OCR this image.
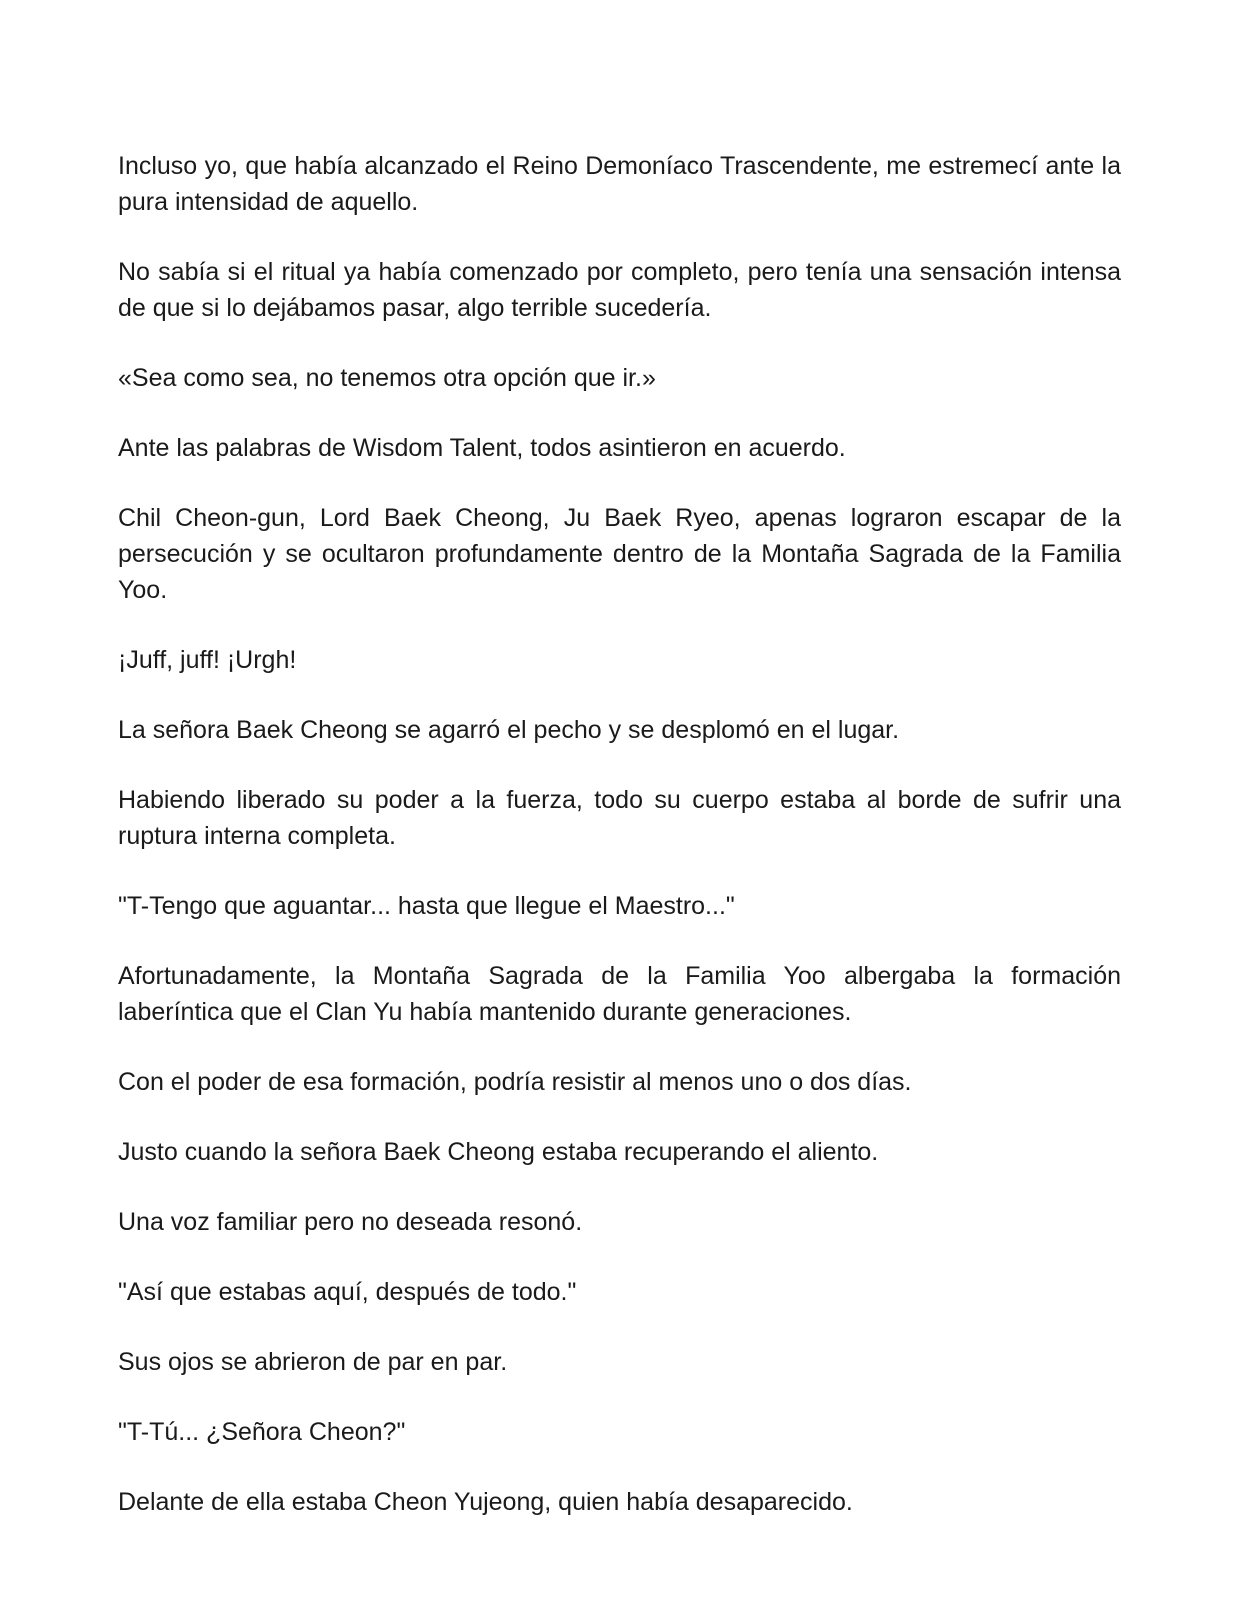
Incluso yo, que había alcanzado el Reino Demoníaco Trascendente, me estremecí ante la pura intensidad de aquello.

No sabía si el ritual ya había comenzado por completo, pero tenía una sensación intensa de que si lo dejábamos pasar, algo terrible sucedería.

«Sea como sea, no tenemos otra opción que ir.»

Ante las palabras de Wisdom Talent, todos asintieron en acuerdo.

Chil Cheon-gun, Lord Baek Cheong, Ju Baek Ryeo, apenas lograron escapar de la persecución y se ocultaron profundamente dentro de la Montaña Sagrada de la Familia Yoo.

¡Juff, juff! ¡Urgh!

La señora Baek Cheong se agarró el pecho y se desplomó en el lugar.

Habiendo liberado su poder a la fuerza, todo su cuerpo estaba al borde de sufrir una ruptura interna completa.

"T-Tengo que aguantar... hasta que llegue el Maestro..."

Afortunadamente, la Montaña Sagrada de la Familia Yoo albergaba la formación laberíntica que el Clan Yu había mantenido durante generaciones.

Con el poder de esa formación, podría resistir al menos uno o dos días.

Justo cuando la señora Baek Cheong estaba recuperando el aliento.

Una voz familiar pero no deseada resonó.

"Así que estabas aquí, después de todo."

Sus ojos se abrieron de par en par.

"T-Tú... ¿Señora Cheon?"

Delante de ella estaba Cheon Yujeong, quien había desaparecido.
